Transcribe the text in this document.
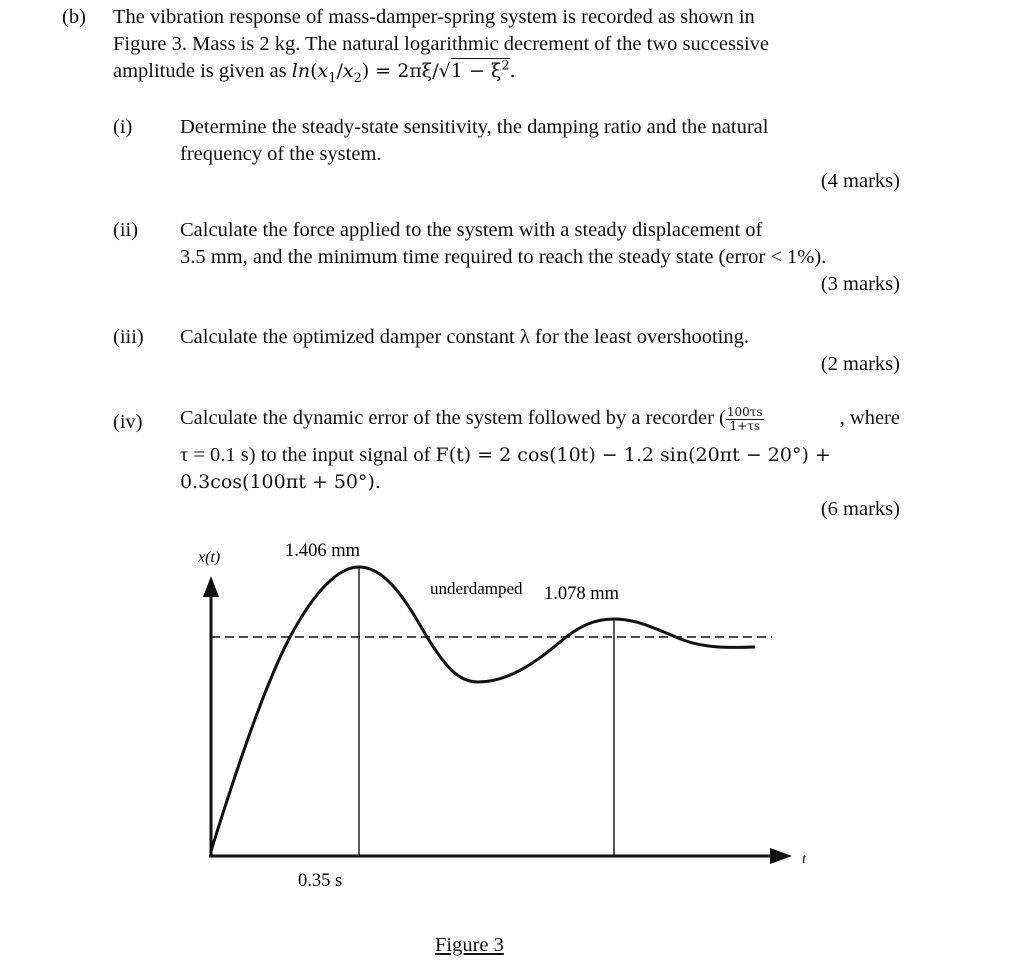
(b) The vibration response of mass-damper-spring system is recorded as shown in
Figure 3. Mass is 2 kg. The natural logarithmic decrement of the two successive
amplitude is given as $\ln(x_1/x_2) = 2\pi\xi/√1 - \xi^2$.
(i) Determine the steady-state sensitivity, the damping ratio and the natural
frequency of the system.
(4 marks)
(ii) Calculate the force applied to the system with a steady displacement of
3.5 mm, and the minimum time required to reach the steady state (error < 1%).
(3 marks)
(iii) Calculate the optimized damper constant λ for the least overshooting.
(2 marks)
(iv) Calculate the dynamic error of the system followed by a recorder ( $\frac{100\tau s}{1+\tau s}$	, where
τ = 0.1 s) to the input signal of F(t) = 2 cos(10t) − 1.2 sin(20πt − 20°) +
0.3cos(100πt + 50°).
(6 marks)
x(t)
t
1.406 mm
underdamped 1.078 mm
0.35 s
Figure 3
